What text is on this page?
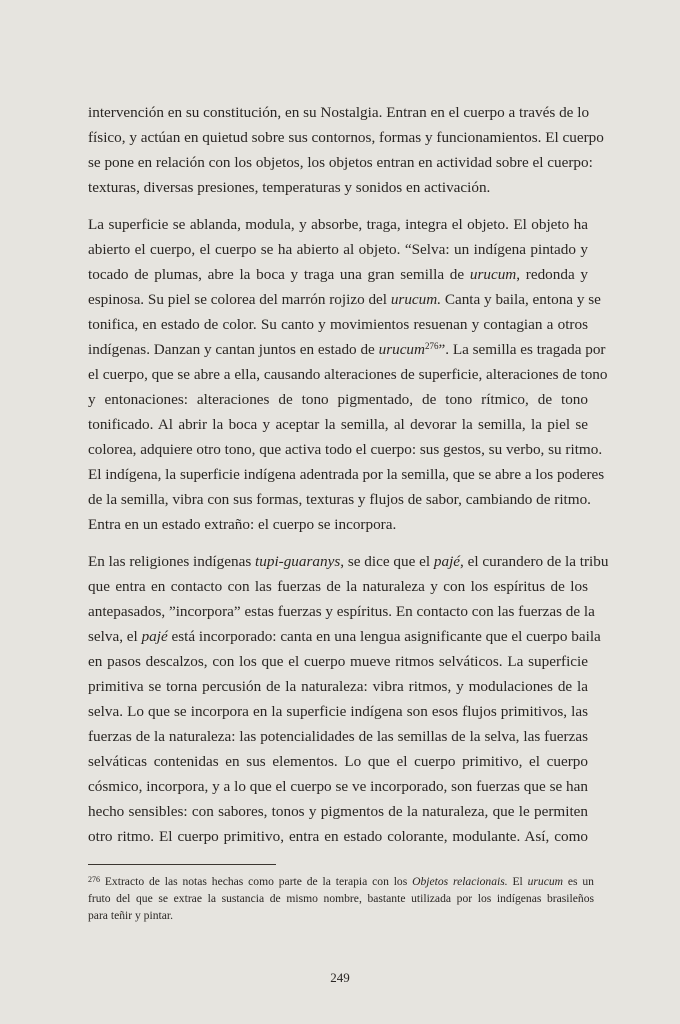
intervención en su constitución, en su Nostalgia. Entran en el cuerpo a través de lo
físico, y actúan en quietud sobre sus contornos, formas y funcionamientos. El cuerpo
se pone en relación con los objetos, los objetos entran en actividad sobre el cuerpo:
texturas, diversas presiones, temperaturas y sonidos en activación.

La superficie se ablanda, modula, y absorbe, traga, integra el objeto. El objeto ha
abierto el cuerpo, el cuerpo se ha abierto al objeto. “Selva: un indígena pintado y
tocado de plumas, abre la boca y traga una gran semilla de urucum, redonda y
espinosa. Su piel se colorea del marrón rojizo del urucum. Canta y baila, entona y se
tonifica, en estado de color. Su canto y movimientos resuenan y contagian a otros
indígenas. Danzan y cantan juntos en estado de urucum$^{276}$”. La semilla es tragada por
el cuerpo, que se abre a ella, causando alteraciones de superficie, alteraciones de tono
y entonaciones: alteraciones de tono pigmentado, de tono rítmico, de tono
tonificado. Al abrir la boca y aceptar la semilla, al devorar la semilla, la piel se
colorea, adquiere otro tono, que activa todo el cuerpo: sus gestos, su verbo, su ritmo.
El indígena, la superficie indígena adentrada por la semilla, que se abre a los poderes
de la semilla, vibra con sus formas, texturas y flujos de sabor, cambiando de ritmo.
Entra en un estado extraño: el cuerpo se incorpora.

En las religiones indígenas tupi-guaranys, se dice que el pajé, el curandero de la tribu
que entra en contacto con las fuerzas de la naturaleza y con los espíritus de los
antepasados, ”incorpora” estas fuerzas y espíritus. En contacto con las fuerzas de la
selva, el pajé está incorporado: canta en una lengua asignificante que el cuerpo baila
en pasos descalzos, con los que el cuerpo mueve ritmos selváticos. La superficie
primitiva se torna percusión de la naturaleza: vibra ritmos, y modulaciones de la
selva. Lo que se incorpora en la superficie indígena son esos flujos primitivos, las
fuerzas de la naturaleza: las potencialidades de las semillas de la selva, las fuerzas
selváticas contenidas en sus elementos. Lo que el cuerpo primitivo, el cuerpo
cósmico, incorpora, y a lo que el cuerpo se ve incorporado, son fuerzas que se han
hecho sensibles: con sabores, tonos y pigmentos de la naturaleza, que le permiten
otro ritmo. El cuerpo primitivo, entra en estado colorante, modulante. Así, como

$^{276}$ Extracto de las notas hechas como parte de la terapia con los Objetos relacionais. El urucum es un
fruto del que se extrae la sustancia de mismo nombre, bastante utilizada por los indígenas brasileños
para teñir y pintar.
249
